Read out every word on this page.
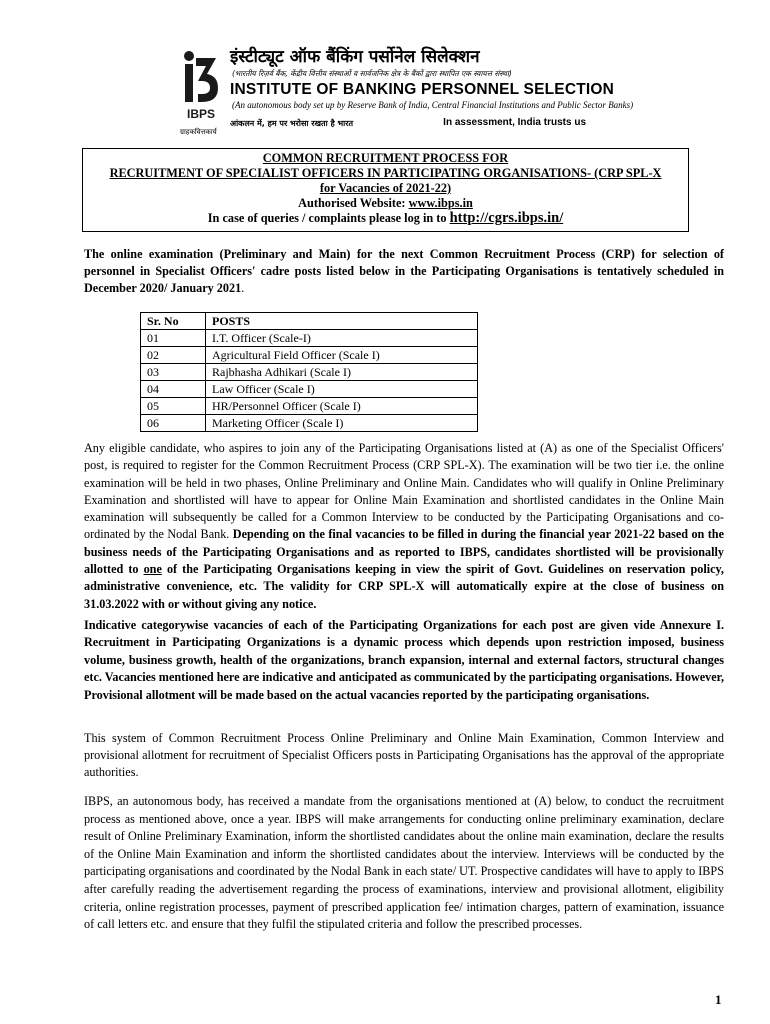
IBPS
ग्राहकवित्तकार्य
इंस्टीट्यूट ऑफ बैंकिंग पर्सोनेल सिलेक्शन
(भारतीय रिज़र्व बैंक, केंद्रीय वित्तीय संस्थाओं व सार्वजनिक क्षेत्र के बैंकों द्वारा स्थापित एक स्वायत्त संस्था)
INSTITUTE OF BANKING PERSONNEL SELECTION
(An autonomous body set up by Reserve Bank of India, Central Financial Institutions and Public Sector Banks)
आंकलन में, हम पर भरोसा रखता है भारत	In assessment, India trusts us
COMMON RECRUITMENT PROCESS FOR
RECRUITMENT OF SPECIALIST OFFICERS IN PARTICIPATING ORGANISATIONS- (CRP SPL-X
for Vacancies of 2021-22)
Authorised Website: www.ibps.in
In case of queries / complaints please log in to http://cgrs.ibps.in/
The online examination (Preliminary and Main) for the next Common Recruitment Process (CRP) for selection of personnel in Specialist Officers' cadre posts listed below in the Participating Organisations is tentatively scheduled in December 2020/ January 2021.
Sr. No	POSTS
01	I.T. Officer (Scale-I)
02	Agricultural Field Officer (Scale I)
03	Rajbhasha Adhikari (Scale I)
04	Law Officer (Scale I)
05	HR/Personnel Officer (Scale I)
06	Marketing Officer (Scale I)
Any eligible candidate, who aspires to join any of the Participating Organisations listed at (A) as one of the Specialist Officers' post, is required to register for the Common Recruitment Process (CRP SPL-X). The examination will be two tier i.e. the online examination will be held in two phases, Online Preliminary and Online Main. Candidates who will qualify in Online Preliminary Examination and shortlisted will have to appear for Online Main Examination and shortlisted candidates in the Online Main examination will subsequently be called for a Common Interview to be conducted by the Participating Organisations and co-ordinated by the Nodal Bank. Depending on the final vacancies to be filled in during the financial year 2021-22 based on the business needs of the Participating Organisations and as reported to IBPS, candidates shortlisted will be provisionally allotted to one of the Participating Organisations keeping in view the spirit of Govt. Guidelines on reservation policy, administrative convenience, etc. The validity for CRP SPL-X will automatically expire at the close of business on 31.03.2022 with or without giving any notice.
Indicative categorywise vacancies of each of the Participating Organizations for each post are given vide Annexure I. Recruitment in Participating Organizations is a dynamic process which depends upon restriction imposed, business volume, business growth, health of the organizations, branch expansion, internal and external factors, structural changes etc. Vacancies mentioned here are indicative and anticipated as communicated by the participating organisations. However, Provisional allotment will be made based on the actual vacancies reported by the participating organisations.
This system of Common Recruitment Process Online Preliminary and Online Main Examination, Common Interview and provisional allotment for recruitment of Specialist Officers posts in Participating Organisations has the approval of the appropriate authorities.
IBPS, an autonomous body, has received a mandate from the organisations mentioned at (A) below, to conduct the recruitment process as mentioned above, once a year. IBPS will make arrangements for conducting online preliminary examination, declare result of Online Preliminary Examination, inform the shortlisted candidates about the online main examination, declare the results of the Online Main Examination and inform the shortlisted candidates about the interview. Interviews will be conducted by the participating organisations and coordinated by the Nodal Bank in each state/ UT. Prospective candidates will have to apply to IBPS after carefully reading the advertisement regarding the process of examinations, interview and provisional allotment, eligibility criteria, online registration processes, payment of prescribed application fee/ intimation charges, pattern of examination, issuance of call letters etc. and ensure that they fulfil the stipulated criteria and follow the prescribed processes.
1
